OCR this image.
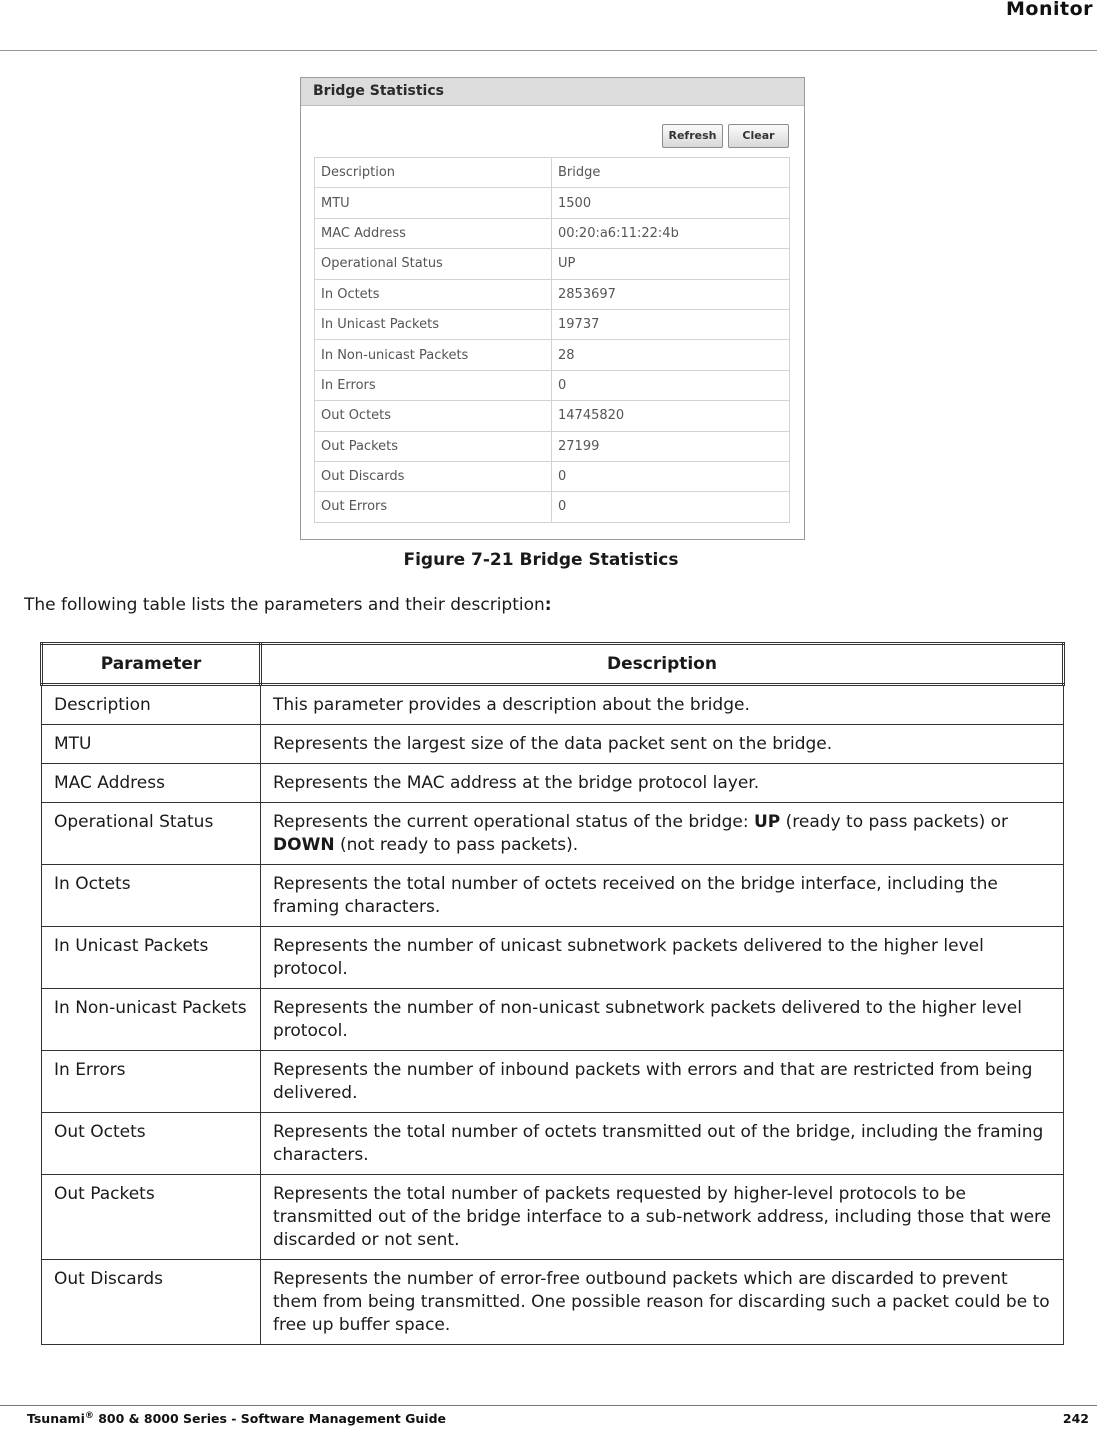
Monitor
Bridge Statistics
Refresh	Clear
Description	Bridge
MTU	1500
MAC Address	00:20:a6:11:22:4b
Operational Status	UP
In Octets	2853697
In Unicast Packets	19737
In Non-unicast Packets	28
In Errors	0
Out Octets	14745820
Out Packets	27199
Out Discards	0
Out Errors	0
Figure 7-21 Bridge Statistics
The following table lists the parameters and their description:
Parameter	Description
Description	This parameter provides a description about the bridge.
MTU	Represents the largest size of the data packet sent on the bridge.
MAC Address	Represents the MAC address at the bridge protocol layer.
Operational Status	Represents the current operational status of the bridge: UP (ready to pass packets) or DOWN (not ready to pass packets).
In Octets	Represents the total number of octets received on the bridge interface, including the framing characters.
In Unicast Packets	Represents the number of unicast subnetwork packets delivered to the higher level protocol.
In Non-unicast Packets	Represents the number of non-unicast subnetwork packets delivered to the higher level protocol.
In Errors	Represents the number of inbound packets with errors and that are restricted from being delivered.
Out Octets	Represents the total number of octets transmitted out of the bridge, including the framing characters.
Out Packets	Represents the total number of packets requested by higher-level protocols to be transmitted out of the bridge interface to a sub-network address, including those that were discarded or not sent.
Out Discards	Represents the number of error-free outbound packets which are discarded to prevent them from being transmitted. One possible reason for discarding such a packet could be to free up buffer space.
Tsunami® 800 & 8000 Series - Software Management Guide	242
